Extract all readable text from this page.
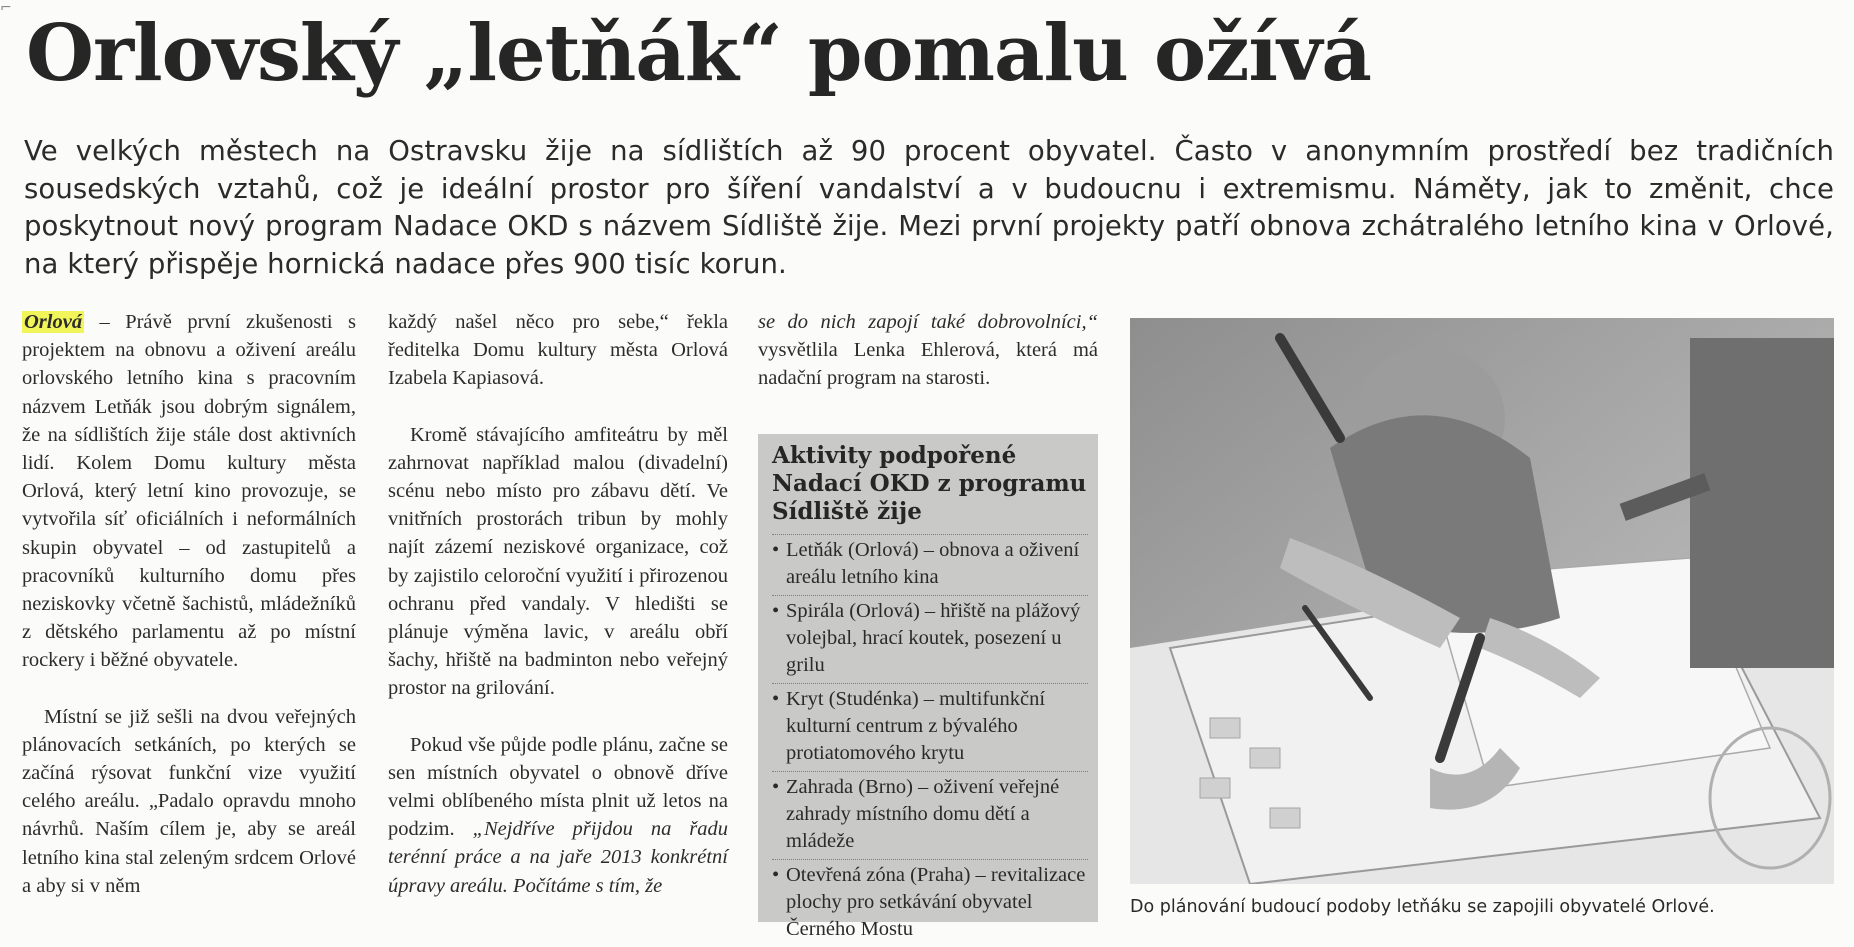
⌐ Orlovský „letňák“ pomalu ožívá
Ve velkých městech na Ostravsku žije na sídlištích až 90 procent obyvatel. Často v anonymním prostředí bez tradičních sousedských vztahů, což je ideální prostor pro šíření vandalství a v budoucnu i extremismu. Náměty, jak to změnit, chce poskytnout nový program Nadace OKD s názvem Sídliště žije. Mezi první projekty patří obnova zchátralého letního kina v Orlové, na který přispěje hornická nadace přes 900 tisíc korun.

Orlová – Právě první zkušenosti s projektem na obnovu a oživení areálu orlovského letního kina s pracovním názvem Letňák jsou dobrým signálem, že na sídlištích žije stále dost aktivních lidí. Kolem Domu kultury města Orlová, který letní kino provozuje, se vytvořila síť oficiálních i neformálních skupin obyvatel – od zastupitelů a pracovníků kulturního domu přes neziskovky včetně šachistů, mládežníků z dětského parlamentu až po místní rockery i běžné obyvatele.

Místní se již sešli na dvou veřejných plánovacích setkáních, po kterých se začíná rýsovat funkční vize využití celého areálu. „Padalo opravdu mnoho návrhů. Naším cílem je, aby se areál letního kina stal zeleným srdcem Orlové a aby si v něm

každý našel něco pro sebe,“ řekla ředitelka Domu kultury města Orlová Izabela Kapiasová.

Kromě stávajícího amfiteátru by měl zahrnovat například malou (divadelní) scénu nebo místo pro zábavu dětí. Ve vnitřních prostorách tribun by mohly najít zázemí neziskové organizace, což by zajistilo celoroční využití i přirozenou ochranu před vandaly. V hledišti se plánuje výměna lavic, v areálu obří šachy, hřiště na badminton nebo veřejný prostor na grilování.

Pokud vše půjde podle plánu, začne se sen místních obyvatel o obnově dříve velmi oblíbeného místa plnit už letos na podzim. „Nejdříve přijdou na řadu terénní práce a na jaře 2013 konkrétní úpravy areálu. Počítáme s tím, že

se do nich zapojí také dobrovolníci,“ vysvětlila Lenka Ehlerová, která má nadační program na starosti.

Aktivity podpořené Nadací OKD z programu Sídliště žije
• Letňák (Orlová) – obnova a oživení areálu letního kina
• Spirála (Orlová) – hřiště na plážový volejbal, hrací koutek, posezení u grilu
• Kryt (Studénka) – multifunkční kulturní centrum z bývalého protiatomového krytu
• Zahrada (Brno) – oživení veřejné zahrady místního domu dětí a mládeže
• Otevřená zóna (Praha) – revitalizace plochy pro setkávání obyvatel Černého Mostu
Do plánování budoucí podoby letňáku se zapojili obyvatelé Orlové.
